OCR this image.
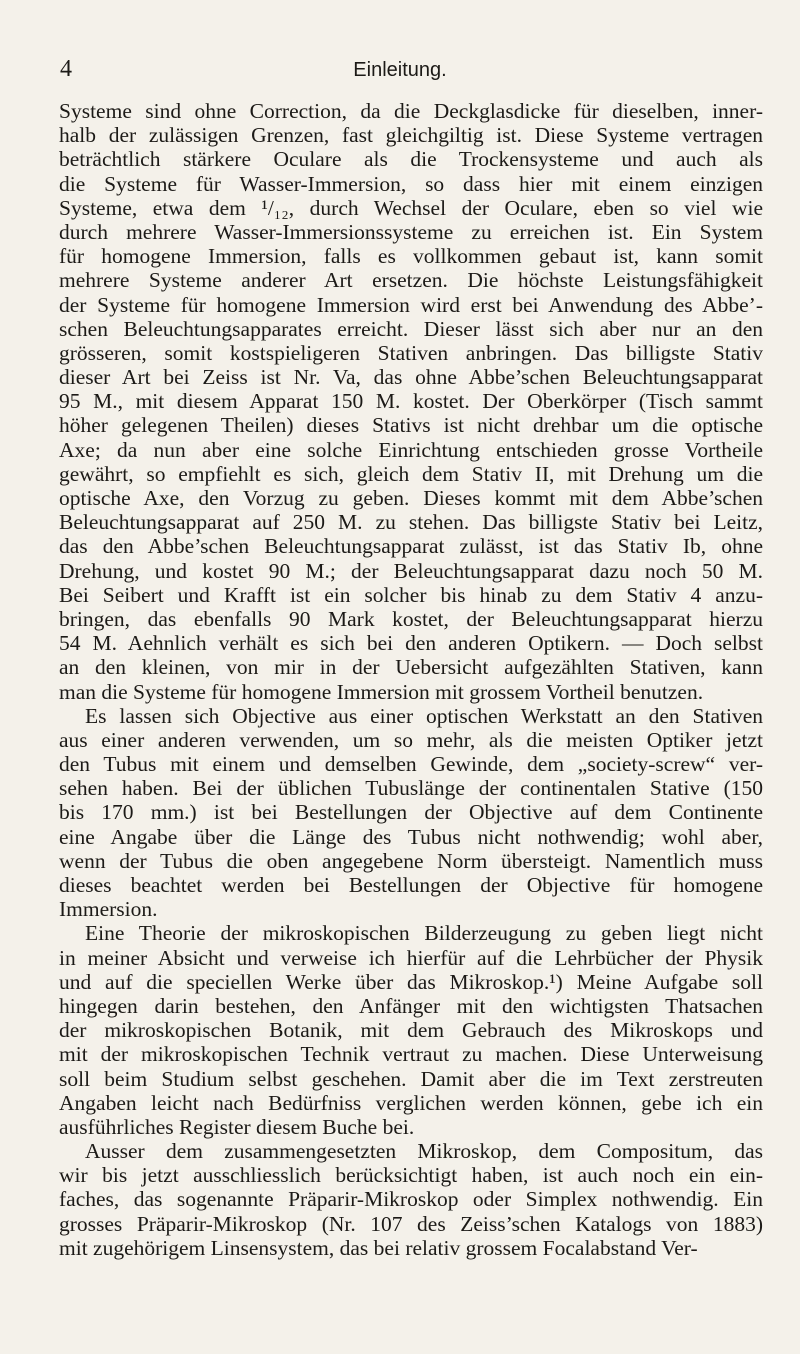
4	Einleitung.
Systeme sind ohne Correction, da die Deckglasdicke für dieselben, inner-
halb der zulässigen Grenzen, fast gleichgiltig ist. Diese Systeme vertragen
beträchtlich stärkere Oculare als die Trockensysteme und auch als
die Systeme für Wasser-Immersion, so dass hier mit einem einzigen
Systeme, etwa dem ¹/₁₂, durch Wechsel der Oculare, eben so viel wie
durch mehrere Wasser-Immersionssysteme zu erreichen ist. Ein System
für homogene Immersion, falls es vollkommen gebaut ist, kann somit
mehrere Systeme anderer Art ersetzen. Die höchste Leistungsfähigkeit
der Systeme für homogene Immersion wird erst bei Anwendung des Abbe’-
schen Beleuchtungsapparates erreicht. Dieser lässt sich aber nur an den
grösseren, somit kostspieligeren Stativen anbringen. Das billigste Stativ
dieser Art bei Zeiss ist Nr. Va, das ohne Abbe’schen Beleuchtungsapparat
95 M., mit diesem Apparat 150 M. kostet. Der Oberkörper (Tisch sammt
höher gelegenen Theilen) dieses Stativs ist nicht drehbar um die optische
Axe; da nun aber eine solche Einrichtung entschieden grosse Vortheile
gewährt, so empfiehlt es sich, gleich dem Stativ II, mit Drehung um die
optische Axe, den Vorzug zu geben. Dieses kommt mit dem Abbe’schen
Beleuchtungsapparat auf 250 M. zu stehen. Das billigste Stativ bei Leitz,
das den Abbe’schen Beleuchtungsapparat zulässt, ist das Stativ Ib, ohne
Drehung, und kostet 90 M.; der Beleuchtungsapparat dazu noch 50 M.
Bei Seibert und Krafft ist ein solcher bis hinab zu dem Stativ 4 anzu-
bringen, das ebenfalls 90 Mark kostet, der Beleuchtungsapparat hierzu
54 M. Aehnlich verhält es sich bei den anderen Optikern. — Doch selbst
an den kleinen, von mir in der Uebersicht aufgezählten Stativen, kann
man die Systeme für homogene Immersion mit grossem Vortheil benutzen.
Es lassen sich Objective aus einer optischen Werkstatt an den Stativen
aus einer anderen verwenden, um so mehr, als die meisten Optiker jetzt
den Tubus mit einem und demselben Gewinde, dem „society-screw“ ver-
sehen haben. Bei der üblichen Tubuslänge der continentalen Stative (150
bis 170 mm.) ist bei Bestellungen der Objective auf dem Continente
eine Angabe über die Länge des Tubus nicht nothwendig; wohl aber,
wenn der Tubus die oben angegebene Norm übersteigt. Namentlich muss
dieses beachtet werden bei Bestellungen der Objective für homogene
Immersion.
Eine Theorie der mikroskopischen Bilderzeugung zu geben liegt nicht
in meiner Absicht und verweise ich hierfür auf die Lehrbücher der Physik
und auf die speciellen Werke über das Mikroskop.¹) Meine Aufgabe soll
hingegen darin bestehen, den Anfänger mit den wichtigsten Thatsachen
der mikroskopischen Botanik, mit dem Gebrauch des Mikroskops und
mit der mikroskopischen Technik vertraut zu machen. Diese Unterweisung
soll beim Studium selbst geschehen. Damit aber die im Text zerstreuten
Angaben leicht nach Bedürfniss verglichen werden können, gebe ich ein
ausführliches Register diesem Buche bei.
Ausser dem zusammengesetzten Mikroskop, dem Compositum, das
wir bis jetzt ausschliesslich berücksichtigt haben, ist auch noch ein ein-
faches, das sogenannte Präparir-Mikroskop oder Simplex nothwendig. Ein
grosses Präparir-Mikroskop (Nr. 107 des Zeiss’schen Katalogs von 1883)
mit zugehörigem Linsensystem, das bei relativ grossem Focalabstand Ver-
